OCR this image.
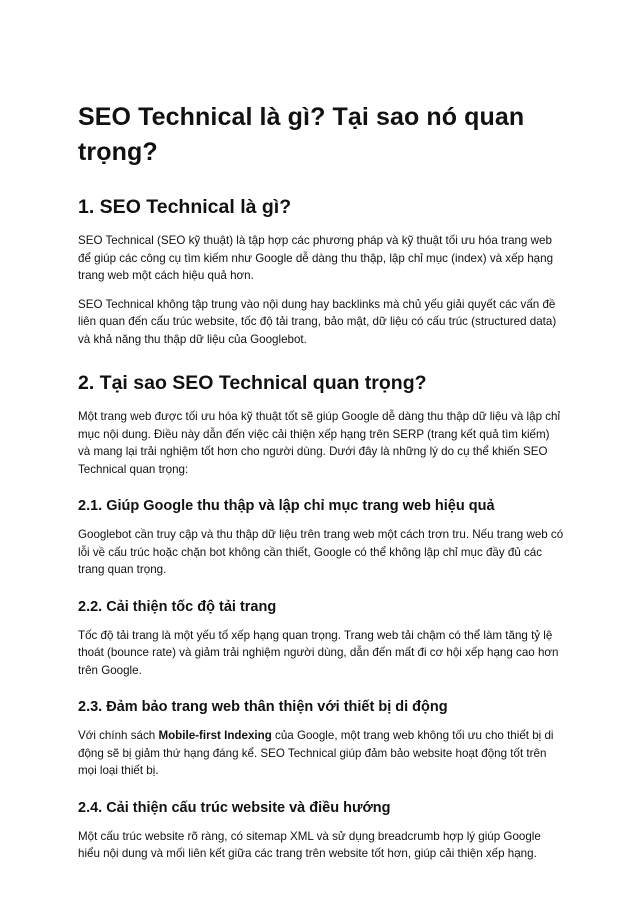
SEO Technical là gì? Tại sao nó quan trọng?
1. SEO Technical là gì?

SEO Technical (SEO kỹ thuật) là tập hợp các phương pháp và kỹ thuật tối ưu hóa trang web để giúp các công cụ tìm kiếm như Google dễ dàng thu thập, lập chỉ mục (index) và xếp hạng trang web một cách hiệu quả hơn.

SEO Technical không tập trung vào nội dung hay backlinks mà chủ yếu giải quyết các vấn đề liên quan đến cấu trúc website, tốc độ tải trang, bảo mật, dữ liệu có cấu trúc (structured data) và khả năng thu thập dữ liệu của Googlebot.

2. Tại sao SEO Technical quan trọng?

Một trang web được tối ưu hóa kỹ thuật tốt sẽ giúp Google dễ dàng thu thập dữ liệu và lập chỉ mục nội dung. Điều này dẫn đến việc cải thiện xếp hạng trên SERP (trang kết quả tìm kiếm) và mang lại trải nghiệm tốt hơn cho người dùng. Dưới đây là những lý do cụ thể khiến SEO Technical quan trọng:

2.1. Giúp Google thu thập và lập chỉ mục trang web hiệu quả

Googlebot cần truy cập và thu thập dữ liệu trên trang web một cách trơn tru. Nếu trang web có lỗi về cấu trúc hoặc chặn bot không cần thiết, Google có thể không lập chỉ mục đầy đủ các trang quan trọng.

2.2. Cải thiện tốc độ tải trang

Tốc độ tải trang là một yếu tố xếp hạng quan trọng. Trang web tải chậm có thể làm tăng tỷ lệ thoát (bounce rate) và giảm trải nghiệm người dùng, dẫn đến mất đi cơ hội xếp hạng cao hơn trên Google.

2.3. Đảm bảo trang web thân thiện với thiết bị di động

Với chính sách Mobile-first Indexing của Google, một trang web không tối ưu cho thiết bị di động sẽ bị giảm thứ hạng đáng kể. SEO Technical giúp đảm bảo website hoạt động tốt trên mọi loại thiết bị.

2.4. Cải thiện cấu trúc website và điều hướng

Một cấu trúc website rõ ràng, có sitemap XML và sử dụng breadcrumb hợp lý giúp Google hiểu nội dung và mối liên kết giữa các trang trên website tốt hơn, giúp cải thiện xếp hạng.
